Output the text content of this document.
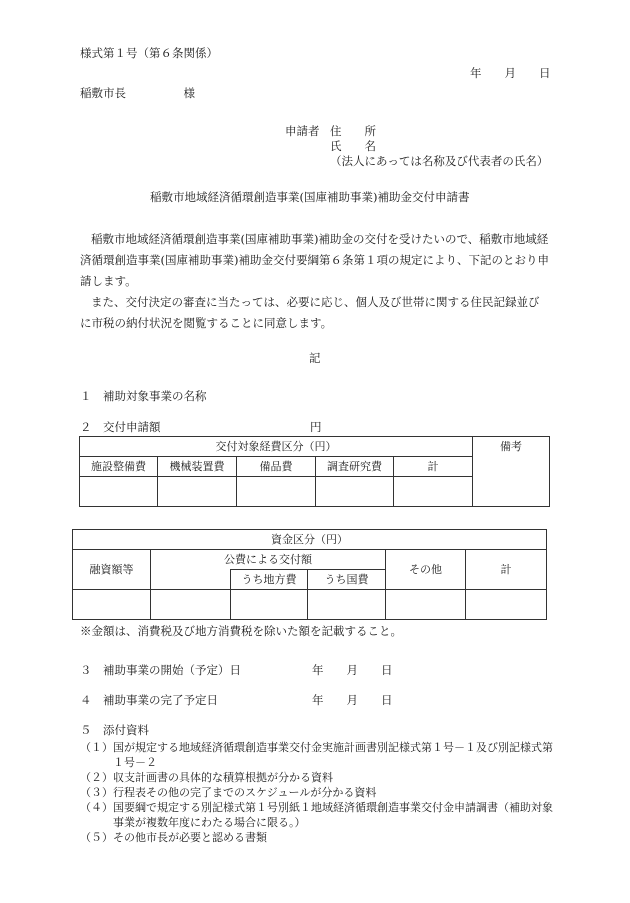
様式第１号（第６条関係）
年　　月　　日
稲敷市長　　　　　様
申請者 住　　所
氏　　名
（法人にあっては名称及び代表者の氏名）
稲敷市地域経済循環創造事業(国庫補助事業)補助金交付申請書

稲敷市地域経済循環創造事業(国庫補助事業)補助金の交付を受けたいので、稲敷市地域経済循環創造事業(国庫補助事業)補助金交付要綱第６条第１項の規定により、下記のとおり申請します。

また、交付決定の審査に当たっては、必要に応じ、個人及び世帯に関する住民記録並びに市税の納付状況を閲覧することに同意します。

記
１　補助対象事業の名称
２　交付申請額	円
交付対象経費区分（円）					備考
施設整備費	機械装置費	備品費	調査研究費	計	

資金区分（円）					
融資額等	公費による交付額			その他	計
		うち地方費	うち国費		

※金額は、消費税及び地方消費税を除いた額を記載すること。
３　補助事業の開始（予定）日	年　　月　　日
４　補助事業の完了予定日	年　　月　　日
５　添付資料
（１） 国が規定する地域経済循環創造事業交付金実施計画書別記様式第１号－１及び別記様式第１号－２
（２） 収支計画書の具体的な積算根拠が分かる資料
（３） 行程表その他の完了までのスケジュールが分かる資料
（４） 国要綱で規定する別記様式第１号別紙１地域経済循環創造事業交付金申請調書（補助対象事業が複数年度にわたる場合に限る。）
（５） その他市長が必要と認める書類
